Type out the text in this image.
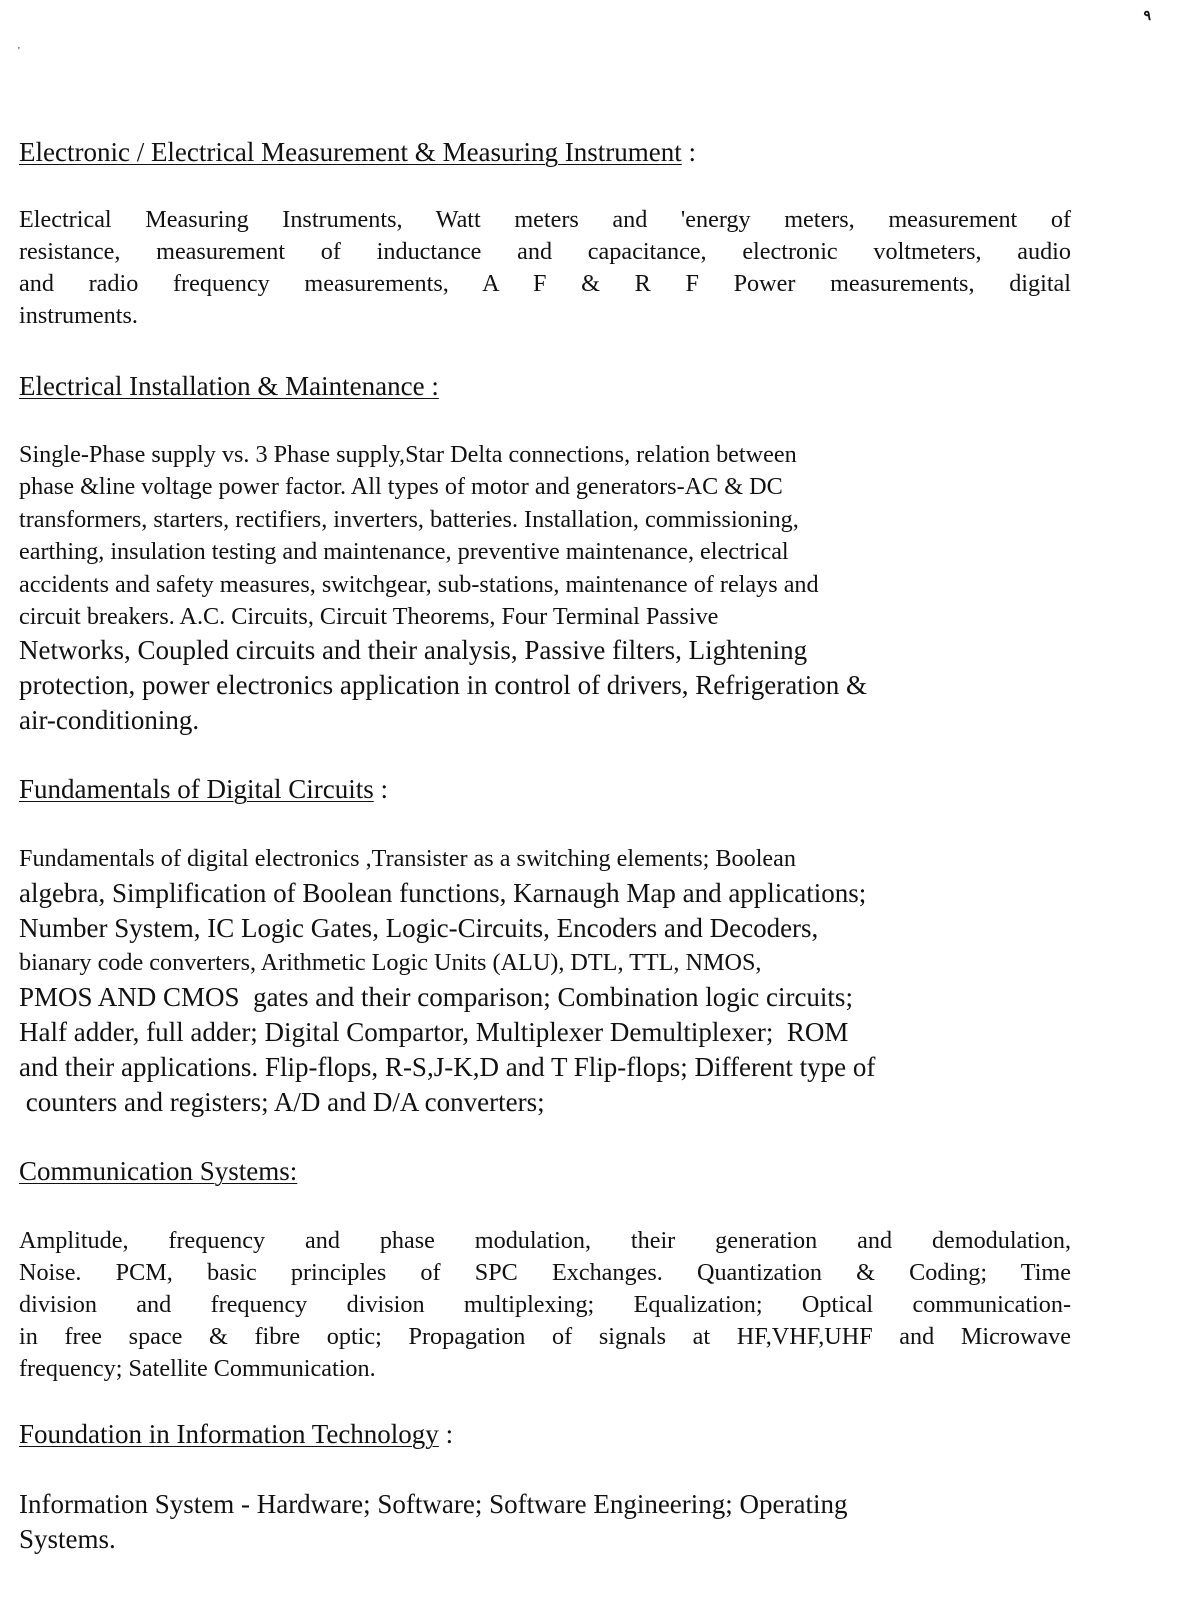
٩
'
Electronic / Electrical Measurement & Measuring Instrument :

Electrical Measuring Instruments, Watt meters and 'energy meters, measurement of
resistance, measurement of inductance and capacitance, electronic voltmeters, audio
and radio frequency measurements, A F & R F Power measurements, digital
instruments.

Electrical Installation & Maintenance :

Single-Phase supply vs. 3 Phase supply,Star Delta connections, relation between
phase &line voltage power factor. All types of motor and generators-AC & DC
transformers, starters, rectifiers, inverters, batteries. Installation, commissioning,
earthing, insulation testing and maintenance, preventive maintenance, electrical
accidents and safety measures, switchgear, sub-stations, maintenance of relays and
circuit breakers. A.C. Circuits, Circuit Theorems, Four Terminal Passive
Networks, Coupled circuits and their analysis, Passive filters, Lightening
protection, power electronics application in control of drivers, Refrigeration &
air-conditioning.

Fundamentals of Digital Circuits :

Fundamentals of digital electronics ,Transister as a switching elements; Boolean
algebra, Simplification of Boolean functions, Karnaugh Map and applications;
Number System, IC Logic Gates, Logic-Circuits, Encoders and Decoders,
bianary code converters, Arithmetic Logic Units (ALU), DTL, TTL, NMOS,
PMOS AND CMOS  gates and their comparison; Combination logic circuits;
Half adder, full adder; Digital Compartor, Multiplexer Demultiplexer;  ROM
and their applications. Flip-flops, R-S,J-K,D and T Flip-flops; Different type of
counters and registers; A/D and D/A converters;

Communication Systems:

Amplitude, frequency and phase modulation, their generation and demodulation,
Noise. PCM, basic principles of SPC Exchanges. Quantization & Coding; Time
division and frequency division multiplexing; Equalization; Optical communication-
in free space & fibre optic; Propagation of signals at HF,VHF,UHF and Microwave
frequency; Satellite Communication.

Foundation in Information Technology :

Information System - Hardware; Software; Software Engineering; Operating
Systems.
